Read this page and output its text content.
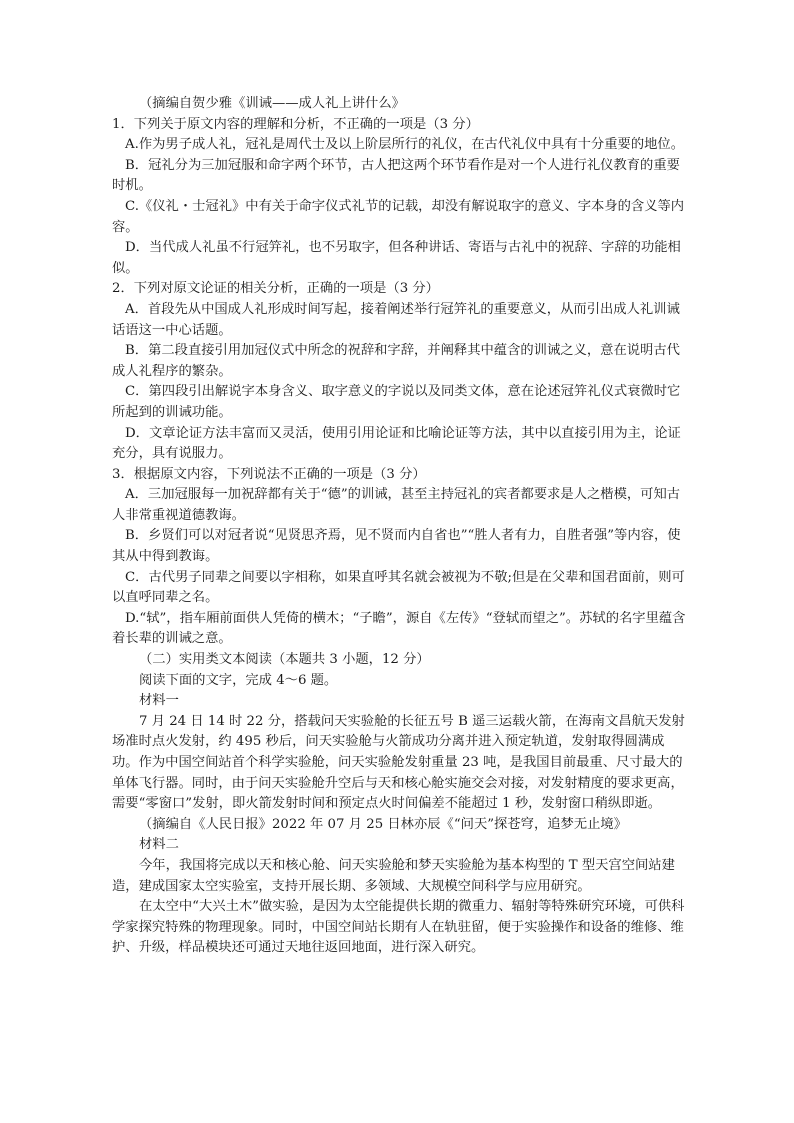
（摘编自贺少雅《训诫——成人礼上讲什么》

1．下列关于原文内容的理解和分析，不正确的一项是（3 分）

A.作为男子成人礼，冠礼是周代士及以上阶层所行的礼仪，在古代礼仪中具有十分重要的地位。

B．冠礼分为三加冠服和命字两个环节，古人把这两个环节看作是对一个人进行礼仪教育的重要时机。

C.《仪礼・士冠礼》中有关于命字仪式礼节的记载，却没有解说取字的意义、字本身的含义等内容。

D．当代成人礼虽不行冠笄礼，也不另取字，但各种讲话、寄语与古礼中的祝辞、字辞的功能相似。

2．下列对原文论证的相关分析，正确的一项是（3 分）

A．首段先从中国成人礼形成时间写起，接着阐述举行冠笄礼的重要意义，从而引出成人礼训诫话语这一中心话题。

B．第二段直接引用加冠仪式中所念的祝辞和字辞，并阐释其中蕴含的训诫之义，意在说明古代成人礼程序的繁杂。

C．第四段引出解说字本身含义、取字意义的字说以及同类文体，意在论述冠笄礼仪式衰微时它所起到的训诫功能。

D．文章论证方法丰富而又灵活，使用引用论证和比喻论证等方法，其中以直接引用为主，论证充分，具有说服力。

3．根据原文内容，下列说法不正确的一项是（3 分）

A．三加冠服每一加祝辞都有关于“德”的训诫，甚至主持冠礼的宾者都要求是人之楷模，可知古人非常重视道德教诲。

B．乡贤们可以对冠者说“见贤思齐焉，见不贤而内自省也”“胜人者有力，自胜者强”等内容，使其从中得到教诲。

C．古代男子同辈之间要以字相称，如果直呼其名就会被视为不敬;但是在父辈和国君面前，则可以直呼同辈之名。

D.“轼”，指车厢前面供人凭倚的横木；“子瞻”，源自《左传》“登轼而望之”。苏轼的名字里蕴含着长辈的训诫之意。

（二）实用类文本阅读（本题共 3 小题，12 分）

阅读下面的文字，完成 4～6 题。

材料一

7 月 24 日 14 时 22 分，搭载问天实验舱的长征五号 B 遥三运载火箭，在海南文昌航天发射场准时点火发射，约 495 秒后，问天实验舱与火箭成功分离并进入预定轨道，发射取得圆满成功。作为中国空间站首个科学实验舱，问天实验舱发射重量 23 吨，是我国目前最重、尺寸最大的单体飞行器。同时，由于问天实验舱升空后与天和核心舱实施交会对接，对发射精度的要求更高，需要“零窗口”发射，即火箭发射时间和预定点火时间偏差不能超过 1 秒，发射窗口稍纵即逝。

（摘编自《人民日报》2022 年 07 月 25 日林亦辰《“问天”探苍穹，追梦无止境》

材料二

今年，我国将完成以天和核心舱、问天实验舱和梦天实验舱为基本构型的 T 型天宫空间站建造，建成国家太空实验室，支持开展长期、多领域、大规模空间科学与应用研究。

在太空中“大兴土木”做实验，是因为太空能提供长期的微重力、辐射等特殊研究环境，可供科学家探究特殊的物理现象。同时，中国空间站长期有人在轨驻留，便于实验操作和设备的维修、维护、升级，样品模块还可通过天地往返回地面，进行深入研究。
